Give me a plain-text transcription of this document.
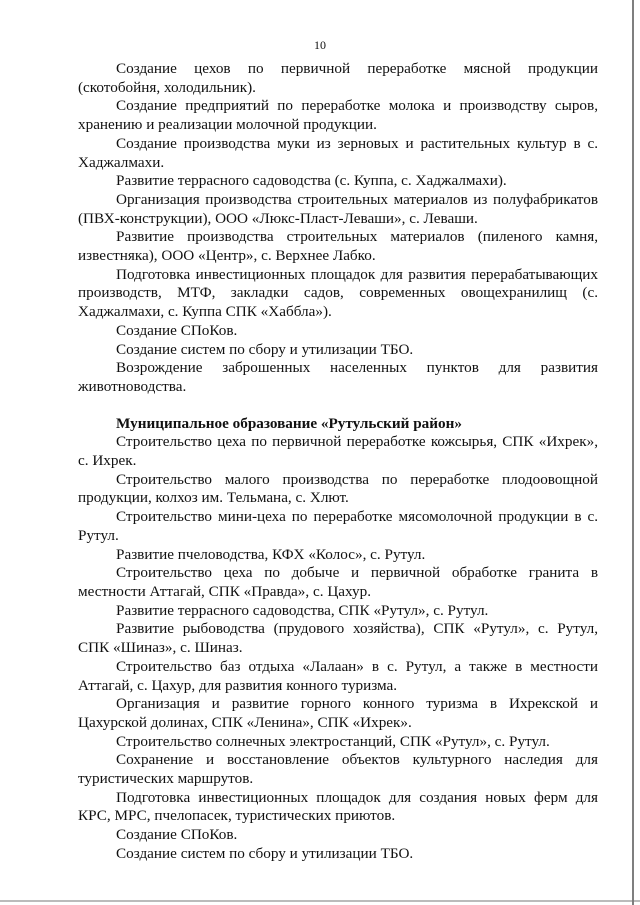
10

Создание цехов по первичной переработке мясной продукции (скотобойня, холодильник).

Создание предприятий по переработке молока и производству сыров, хранению и реализации молочной продукции.

Создание производства муки из зерновых и растительных культур в с. Хаджалмахи.

Развитие террасного садоводства (с. Куппа, с. Хаджалмахи).

Организация производства строительных материалов из полуфабрикатов (ПВХ-конструкции), ООО «Люкс-Пласт-Леваши», с. Леваши.

Развитие производства строительных материалов (пиленого камня, известняка), ООО «Центр», с. Верхнее Лабко.

Подготовка инвестиционных площадок для развития перерабатывающих производств, МТФ, закладки садов, современных овощехранилищ (с. Хаджалмахи, с. Куппа СПК «Хаббла»).

Создание СПоКов.

Создание систем по сбору и утилизации ТБО.

Возрождение заброшенных населенных пунктов для развития животноводства.

Муниципальное образование «Рутульский район»

Строительство цеха по первичной переработке кожсырья, СПК «Ихрек», с. Ихрек.

Строительство малого производства по переработке плодоовощной продукции, колхоз им. Тельмана, с. Хлют.

Строительство мини-цеха по переработке мясомолочной продукции в с. Рутул.

Развитие пчеловодства, КФХ «Колос», с. Рутул.

Строительство цеха по добыче и первичной обработке гранита в местности Аттагай, СПК «Правда», с. Цахур.

Развитие террасного садоводства, СПК «Рутул», с. Рутул.

Развитие рыбоводства (прудового хозяйства), СПК «Рутул», с. Рутул, СПК «Шиназ», с. Шиназ.

Строительство баз отдыха «Лалаан» в с. Рутул, а также в местности Аттагай, с. Цахур, для развития конного туризма.

Организация и развитие горного конного туризма в Ихрекской и Цахурской долинах, СПК «Ленина», СПК «Ихрек».

Строительство солнечных электростанций, СПК «Рутул», с. Рутул.

Сохранение и восстановление объектов культурного наследия для туристических маршрутов.

Подготовка инвестиционных площадок для создания новых ферм для КРС, МРС, пчелопасек, туристических приютов.

Создание СПоКов.

Создание систем по сбору и утилизации ТБО.
